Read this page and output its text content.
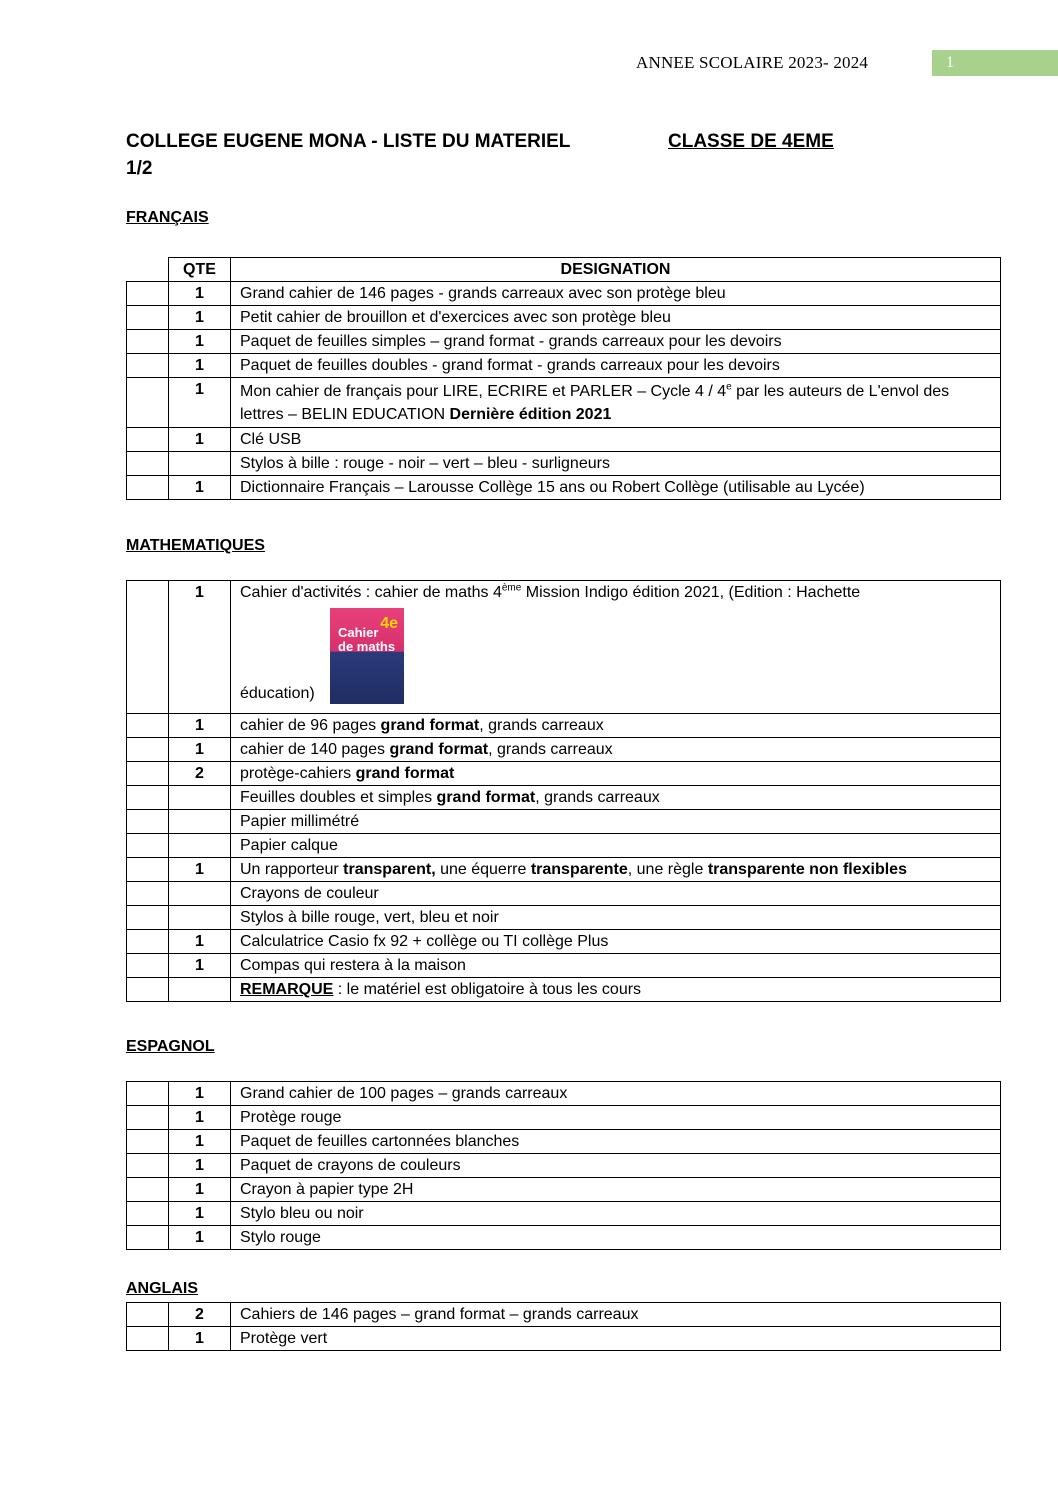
ANNEE SCOLAIRE 2023- 2024	1
COLLEGE EUGENE MONA - LISTE DU MATERIEL	CLASSE DE 4EME

1/2
FRANÇAIS
	QTE	DESIGNATION
	1	Grand cahier de 146 pages - grands carreaux avec son protège bleu
	1	Petit cahier de brouillon et d'exercices avec son protège bleu
	1	Paquet de feuilles simples – grand format - grands carreaux pour les devoirs
	1	Paquet de feuilles doubles - grand format - grands carreaux pour les devoirs
	1	Mon cahier de français pour LIRE, ECRIRE et PARLER – Cycle 4 / 4e par les auteurs de L'envol des lettres – BELIN EDUCATION Dernière édition 2021
	1	Clé USB
		Stylos à bille : rouge - noir – vert – bleu - surligneurs
	1	Dictionnaire Français – Larousse Collège 15 ans ou Robert Collège (utilisable au Lycée)
MATHEMATIQUES
	1	Cahier d'activités : cahier de maths 4ème Mission Indigo édition 2021, (Edition : Hachette
4e
Cahier
de maths
éducation)

	1	cahier de 96 pages grand format, grands carreaux
	1	cahier de 140 pages grand format, grands carreaux
	2	protège-cahiers grand format
		Feuilles doubles et simples grand format, grands carreaux
		Papier millimétré
		Papier calque
	1	Un rapporteur transparent, une équerre transparente, une règle transparente non flexibles
		Crayons de couleur
		Stylos à bille rouge, vert, bleu et noir
	1	Calculatrice Casio fx 92 + collège ou TI collège Plus
	1	Compas qui restera à la maison
		REMARQUE : le matériel est obligatoire à tous les cours
ESPAGNOL
	1	Grand cahier de 100 pages – grands carreaux
	1	Protège rouge
	1	Paquet de feuilles cartonnées blanches
	1	Paquet de crayons de couleurs
	1	Crayon à papier type 2H
	1	Stylo bleu ou noir
	1	Stylo rouge
ANGLAIS
	2	Cahiers de 146 pages – grand format – grands carreaux
	1	Protège vert
